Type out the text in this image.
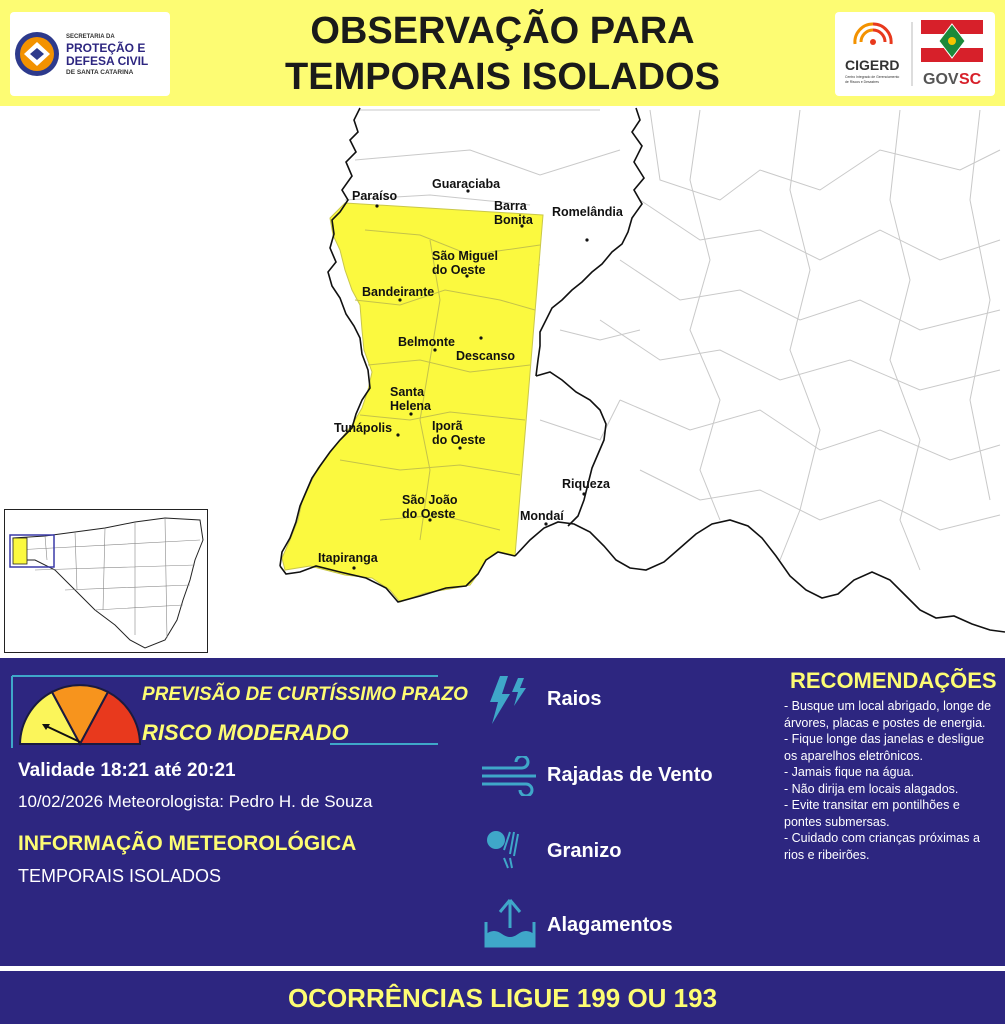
SECRETARIA DA
PROTEÇÃO E
DEFESA CIVIL
DE SANTA CATARINA
OBSERVAÇÃO PARA
TEMPORAIS ISOLADOS	CIGERD
Centro Integrado de Gerenciamento
de Riscos e Desastres	GOV SC
Guaraciaba
Paraíso
Barra
Bonita
Romelândia
São Miguel
do Oeste
Bandeirante
Belmonte
Descanso
Santa
Helena
Tunápolis	Iporã
do Oeste
Riqueza
São João
do Oeste	Mondaí
Itapiranga
PREVISÃO DE CURTÍSSIMO PRAZO
RISCO MODERADO
Validade 18:21 até 20:21
10/02/2026 Meteorologista: Pedro H. de Souza
INFORMAÇÃO METEOROLÓGICA
TEMPORAIS ISOLADOS
Raios
Rajadas de Vento
Granizo
Alagamentos
RECOMENDAÇÕES
- Busque um local abrigado, longe de árvores, placas e postes de energia.
- Fique longe das janelas e desligue os aparelhos eletrônicos.
- Jamais fique na água.
- Não dirija em locais alagados.
- Evite transitar em pontilhões e pontes submersas.
- Cuidado com crianças próximas a rios e ribeirões.
OCORRÊNCIAS LIGUE 199 OU 193
